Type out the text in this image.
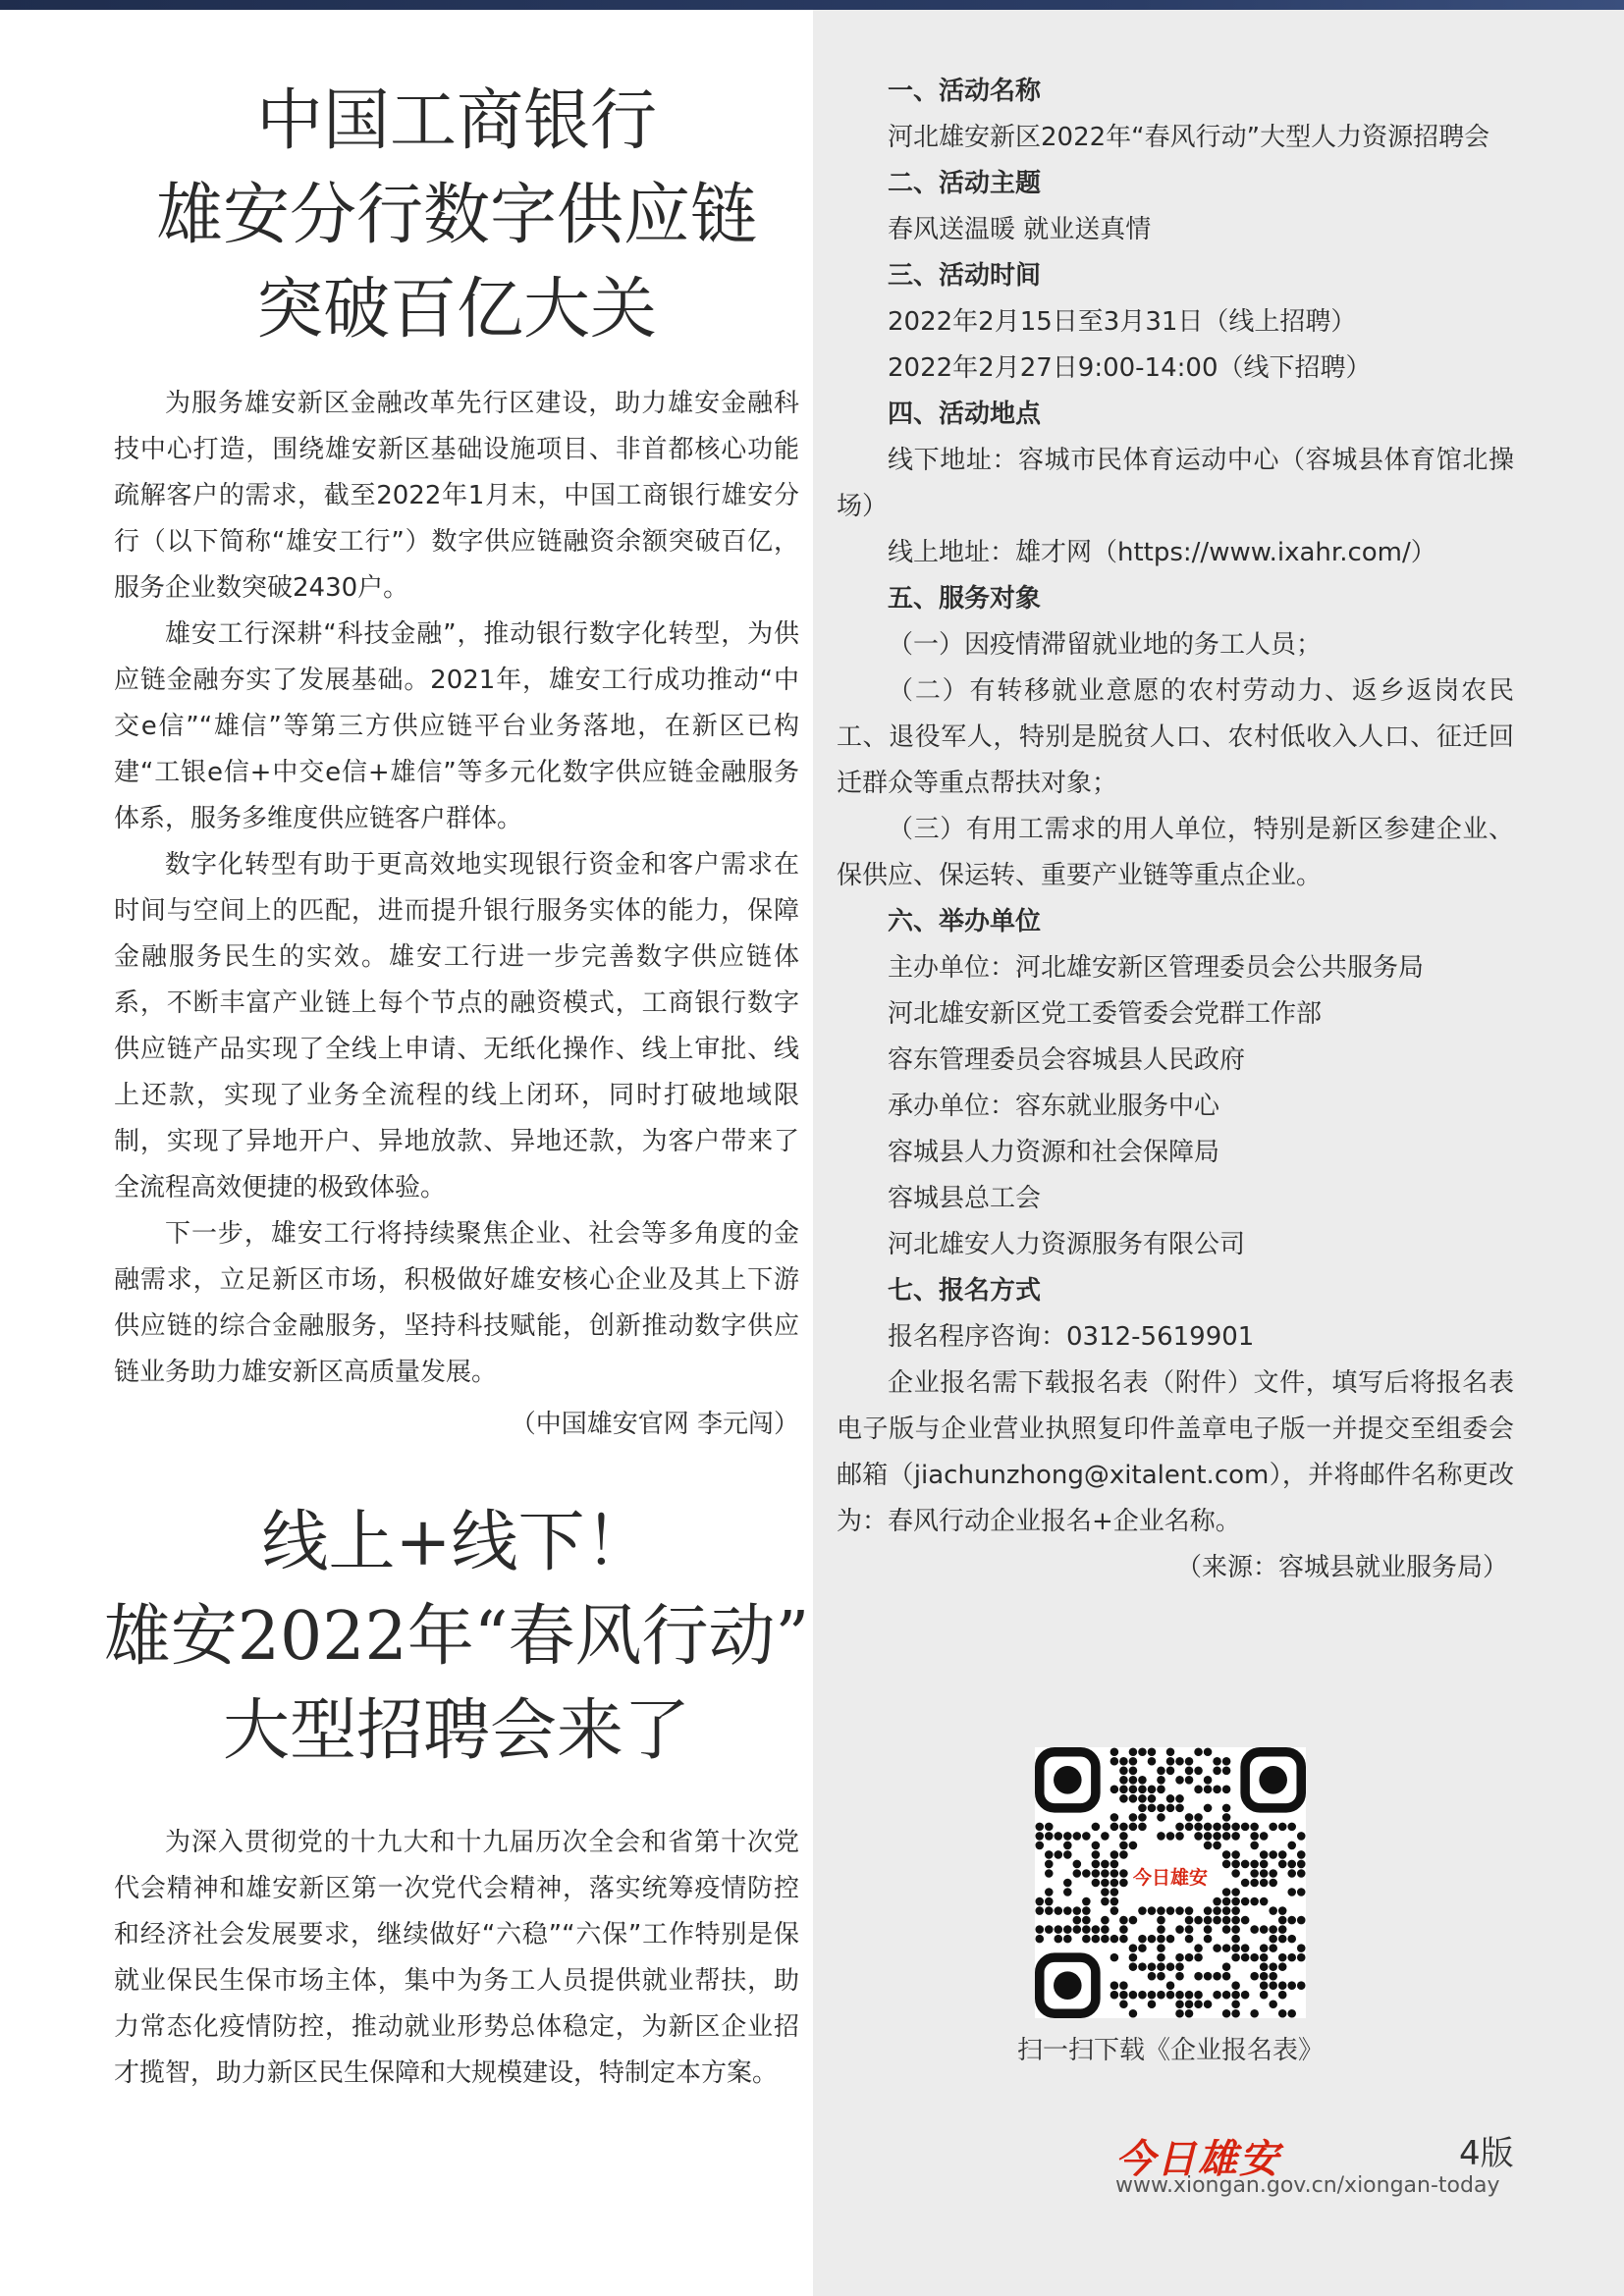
中国工商银行
雄安分行数字供应链
突破百亿大关

为服务雄安新区金融改革先行区建设，助力雄安金融科技中心打造，围绕雄安新区基础设施项目、非首都核心功能疏解客户的需求，截至2022年1月末，中国工商银行雄安分行（以下简称“雄安工行”）数字供应链融资余额突破百亿，服务企业数突破2430户。

雄安工行深耕“科技金融”，推动银行数字化转型，为供应链金融夯实了发展基础。2021年，雄安工行成功推动“中交e信”“雄信”等第三方供应链平台业务落地，在新区已构建“工银e信+中交e信+雄信”等多元化数字供应链金融服务体系，服务多维度供应链客户群体。

数字化转型有助于更高效地实现银行资金和客户需求在时间与空间上的匹配，进而提升银行服务实体的能力，保障金融服务民生的实效。雄安工行进一步完善数字供应链体系，不断丰富产业链上每个节点的融资模式，工商银行数字供应链产品实现了全线上申请、无纸化操作、线上审批、线上还款，实现了业务全流程的线上闭环，同时打破地域限制，实现了异地开户、异地放款、异地还款，为客户带来了全流程高效便捷的极致体验。

下一步，雄安工行将持续聚焦企业、社会等多角度的金融需求，立足新区市场，积极做好雄安核心企业及其上下游供应链的综合金融服务，坚持科技赋能，创新推动数字供应链业务助力雄安新区高质量发展。

（中国雄安官网 李元闯）
线上+线下！
雄安2022年“春风行动”
大型招聘会来了

为深入贯彻党的十九大和十九届历次全会和省第十次党代会精神和雄安新区第一次党代会精神，落实统筹疫情防控和经济社会发展要求，继续做好“六稳”“六保”工作特别是保就业保民生保市场主体，集中为务工人员提供就业帮扶，助力常态化疫情防控，推动就业形势总体稳定，为新区企业招才揽智，助力新区民生保障和大规模建设，特制定本方案。

一、活动名称

河北雄安新区2022年“春风行动”大型人力资源招聘会

二、活动主题

春风送温暖 就业送真情

三、活动时间

2022年2月15日至3月31日（线上招聘）

2022年2月27日9:00-14:00（线下招聘）

四、活动地点

线下地址：容城市民体育运动中心（容城县体育馆北操场）

线上地址：雄才网（https://www.ixahr.com/）

五、服务对象

（一）因疫情滞留就业地的务工人员；

（二）有转移就业意愿的农村劳动力、返乡返岗农民工、退役军人，特别是脱贫人口、农村低收入人口、征迁回迁群众等重点帮扶对象；

（三）有用工需求的用人单位，特别是新区参建企业、保供应、保运转、重要产业链等重点企业。

六、举办单位

主办单位：河北雄安新区管理委员会公共服务局

河北雄安新区党工委管委会党群工作部

容东管理委员会容城县人民政府

承办单位：容东就业服务中心

容城县人力资源和社会保障局

容城县总工会

河北雄安人力资源服务有限公司

七、报名方式

报名程序咨询：0312-5619901

企业报名需下载报名表（附件）文件，填写后将报名表电子版与企业营业执照复印件盖章电子版一并提交至组委会邮箱（jiachunzhong@xitalent.com），并将邮件名称更改为：春风行动企业报名+企业名称。

（来源：容城县就业服务局）

今日雄安
扫一扫下载《企业报名表》
今日雄安	4版
www.xiongan.gov.cn/xiongan-today
